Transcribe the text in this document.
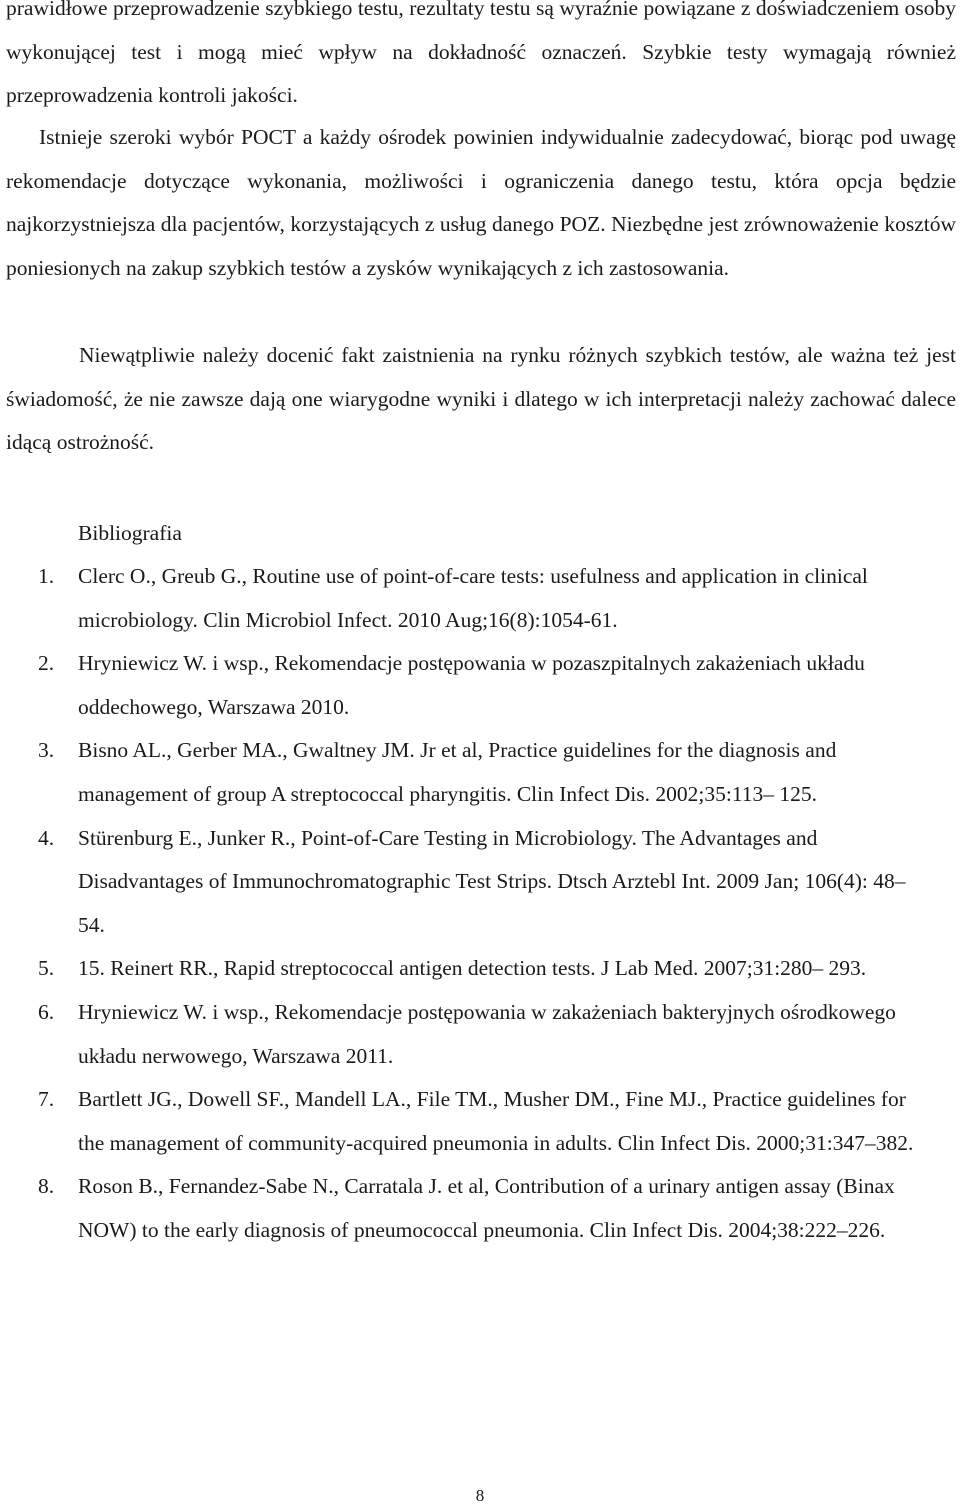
prawidłowe przeprowadzenie szybkiego testu, rezultaty testu są wyraźnie powiązane z doświadczeniem osoby wykonującej test i mogą mieć wpływ na dokładność oznaczeń. Szybkie testy wymagają również przeprowadzenia kontroli jakości.

Istnieje szeroki wybór POCT a każdy ośrodek powinien indywidualnie zadecydować, biorąc pod uwagę rekomendacje dotyczące wykonania, możliwości i ograniczenia danego testu, która opcja będzie najkorzystniejsza dla pacjentów, korzystających z usług danego POZ. Niezbędne jest zrównoważenie kosztów poniesionych na zakup szybkich testów a zysków wynikających z ich zastosowania.

Niewątpliwie należy docenić fakt zaistnienia na rynku różnych szybkich testów, ale ważna też jest świadomość, że nie zawsze dają one wiarygodne wyniki i dlatego w ich interpretacji należy zachować dalece idącą ostrożność.

Bibliografia
1. Clerc O., Greub G., Routine use of point-of-care tests: usefulness and application in clinical microbiology. Clin Microbiol Infect. 2010 Aug;16(8):1054-61.
2. Hryniewicz W. i wsp., Rekomendacje postępowania w pozaszpitalnych zakażeniach układu oddechowego, Warszawa 2010.
3. Bisno AL., Gerber MA., Gwaltney JM. Jr et al, Practice guidelines for the diagnosis and management of group A streptococcal pharyngitis. Clin Infect Dis. 2002;35:113– 125.
4. Stürenburg E., Junker R., Point-of-Care Testing in Microbiology. The Advantages and Disadvantages of Immunochromatographic Test Strips. Dtsch Arztebl Int. 2009 Jan; 106(4): 48–54.
5. 15. Reinert RR., Rapid streptococcal antigen detection tests. J Lab Med. 2007;31:280– 293.
6. Hryniewicz W. i wsp., Rekomendacje postępowania w zakażeniach bakteryjnych ośrodkowego układu nerwowego, Warszawa 2011.
7. Bartlett JG., Dowell SF., Mandell LA., File TM., Musher DM., Fine MJ., Practice guidelines for the management of community-acquired pneumonia in adults. Clin Infect Dis. 2000;31:347–382.
8. Roson B., Fernandez-Sabe N., Carratala J. et al, Contribution of a urinary antigen assay (Binax NOW) to the early diagnosis of pneumococcal pneumonia. Clin Infect Dis. 2004;38:222–226.
8
